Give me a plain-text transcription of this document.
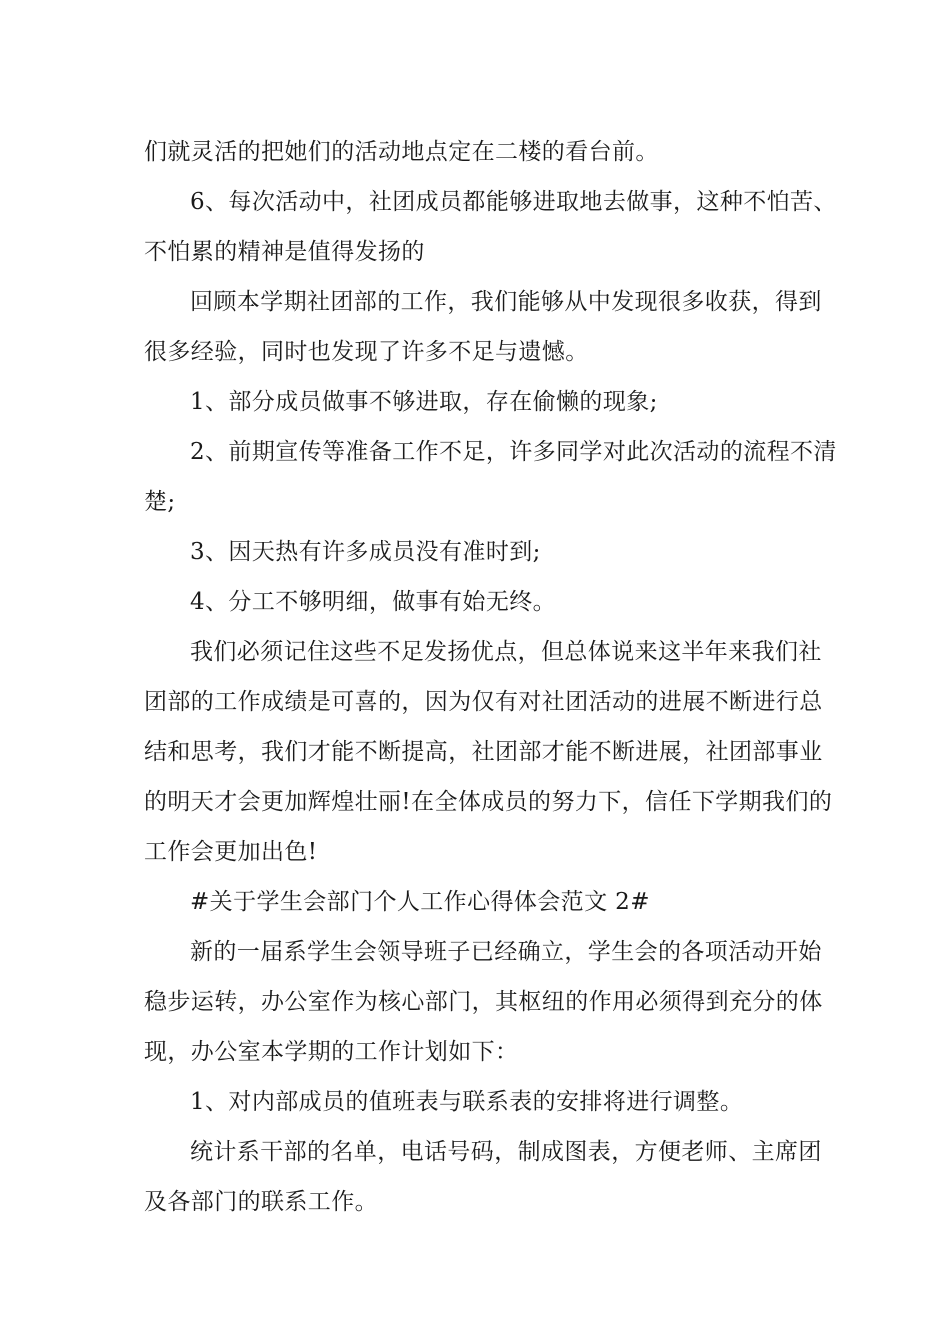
们就灵活的把她们的活动地点定在二楼的看台前。
6、每次活动中，社团成员都能够进取地去做事，这种不怕苦、
不怕累的精神是值得发扬的
回顾本学期社团部的工作，我们能够从中发现很多收获，得到
很多经验，同时也发现了许多不足与遗憾。
1、部分成员做事不够进取，存在偷懒的现象;
2、前期宣传等准备工作不足，许多同学对此次活动的流程不清
楚;
3、因天热有许多成员没有准时到;
4、分工不够明细，做事有始无终。
我们必须记住这些不足发扬优点，但总体说来这半年来我们社
团部的工作成绩是可喜的，因为仅有对社团活动的进展不断进行总
结和思考，我们才能不断提高，社团部才能不断进展，社团部事业
的明天才会更加辉煌壮丽!在全体成员的努力下，信任下学期我们的
工作会更加出色!
#关于学生会部门个人工作心得体会范文 2#
新的一届系学生会领导班子已经确立，学生会的各项活动开始
稳步运转，办公室作为核心部门，其枢纽的作用必须得到充分的体
现，办公室本学期的工作计划如下：
1、对内部成员的值班表与联系表的安排将进行调整。
统计系干部的名单，电话号码，制成图表，方便老师、主席团
及各部门的联系工作。
